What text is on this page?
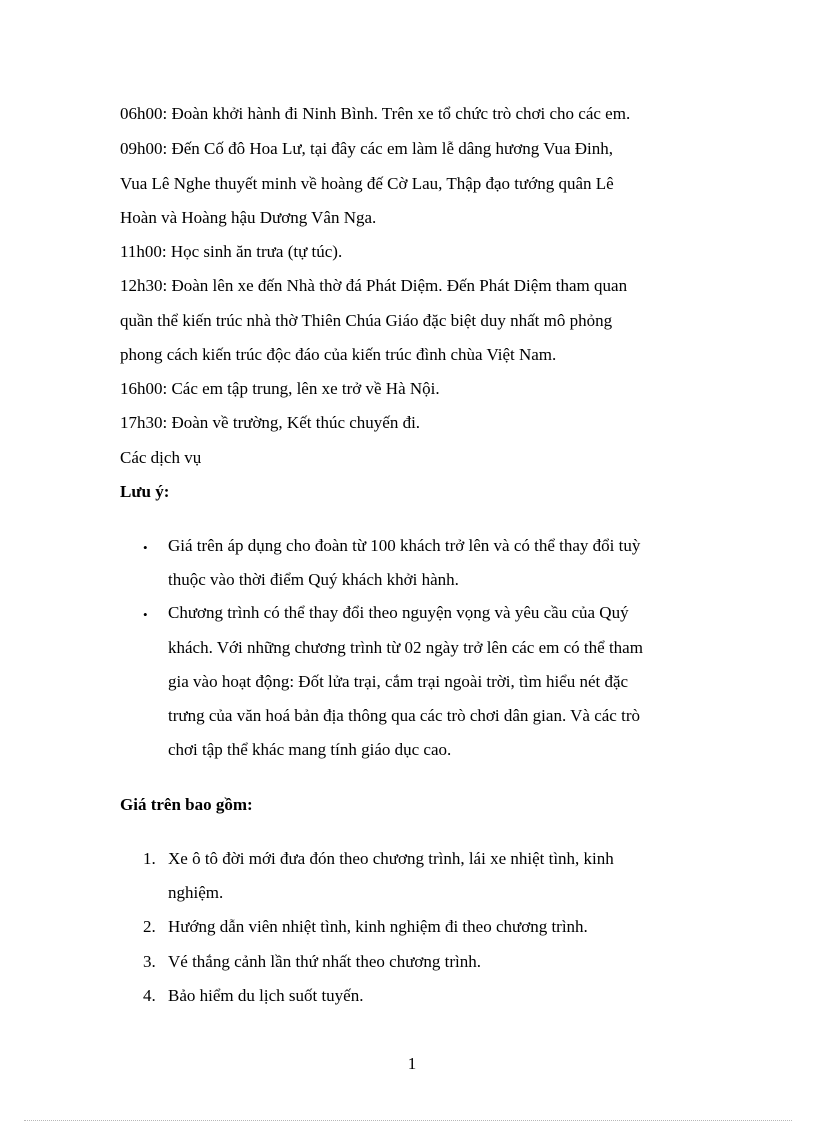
06h00: Đoàn khởi hành đi Ninh Bình. Trên xe tổ chức trò chơi cho các em.
09h00: Đến Cố đô Hoa Lư, tại đây các em làm lễ dâng hương Vua Đinh,
Vua Lê Nghe thuyết minh về hoàng đế Cờ Lau, Thập đạo tướng quân Lê
Hoàn và Hoàng hậu Dương Vân Nga.
11h00: Học sinh ăn trưa (tự túc).
12h30: Đoàn lên xe đến Nhà thờ đá Phát Diệm. Đến Phát Diệm tham quan
quần thể kiến trúc nhà thờ Thiên Chúa Giáo đặc biệt duy nhất mô phỏng
phong cách kiến trúc độc đáo của kiến trúc đình chùa Việt Nam.
16h00: Các em tập trung, lên xe trở về Hà Nội.
17h30: Đoàn về trường, Kết thúc chuyến đi.
Các dịch vụ
Lưu ý:
• Giá trên áp dụng cho đoàn từ 100 khách trở lên và có thể thay đổi tuỳ
thuộc vào thời điểm Quý khách khởi hành.
• Chương trình có thể thay đổi theo nguyện vọng và yêu cầu của Quý
khách. Với những chương trình từ 02 ngày trở lên các em có thể tham
gia vào hoạt động: Đốt lửa trại, cắm trại ngoài trời, tìm hiểu nét đặc
trưng của văn hoá bản địa thông qua các trò chơi dân gian. Và các trò
chơi tập thể khác mang tính giáo dục cao.
Giá trên bao gồm:
1. Xe ô tô đời mới đưa đón theo chương trình, lái xe nhiệt tình, kinh
nghiệm.
2. Hướng dẫn viên nhiệt tình, kinh nghiệm đi theo chương trình.
3. Vé thắng cảnh lần thứ nhất theo chương trình.
4. Bảo hiểm du lịch suốt tuyến.
1
